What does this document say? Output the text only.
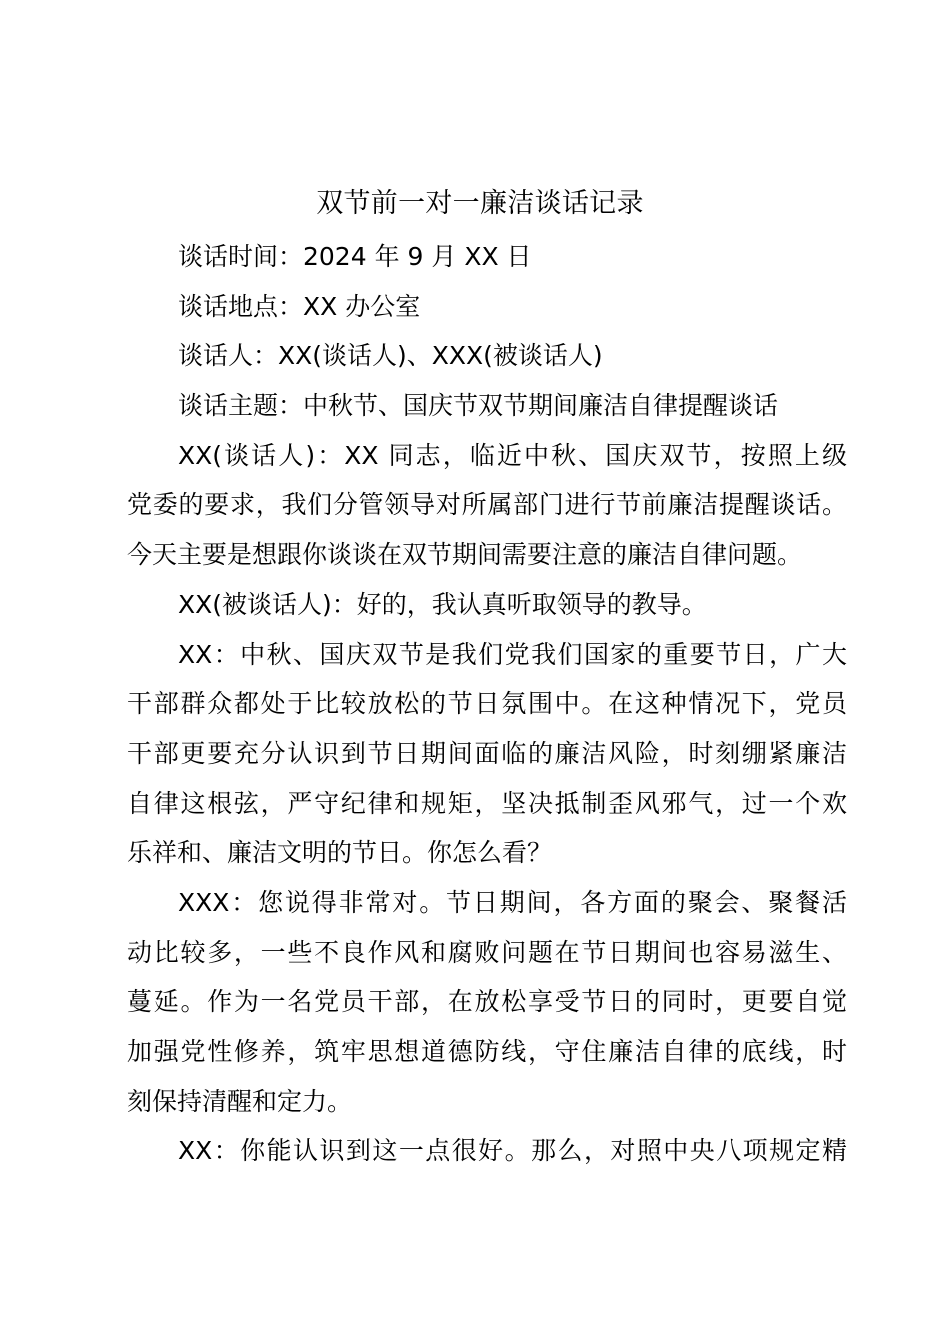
双节前一对一廉洁谈话记录
谈话时间：2024 年 9 月 XX 日
谈话地点：XX 办公室
谈话人：XX(谈话人)、XXX(被谈话人)
谈话主题：中秋节、国庆节双节期间廉洁自律提醒谈话
XX(谈话人)：XX 同志，临近中秋、国庆双节，按照上级
党委的要求，我们分管领导对所属部门进行节前廉洁提醒谈话。
今天主要是想跟你谈谈在双节期间需要注意的廉洁自律问题。
XX(被谈话人)：好的，我认真听取领导的教导。
XX：中秋、国庆双节是我们党我们国家的重要节日，广大
干部群众都处于比较放松的节日氛围中。在这种情况下，党员
干部更要充分认识到节日期间面临的廉洁风险，时刻绷紧廉洁
自律这根弦，严守纪律和规矩，坚决抵制歪风邪气，过一个欢
乐祥和、廉洁文明的节日。你怎么看？
XXX：您说得非常对。节日期间，各方面的聚会、聚餐活
动比较多，一些不良作风和腐败问题在节日期间也容易滋生、
蔓延。作为一名党员干部，在放松享受节日的同时，更要自觉
加强党性修养，筑牢思想道德防线，守住廉洁自律的底线，时
刻保持清醒和定力。
XX：你能认识到这一点很好。那么，对照中央八项规定精
